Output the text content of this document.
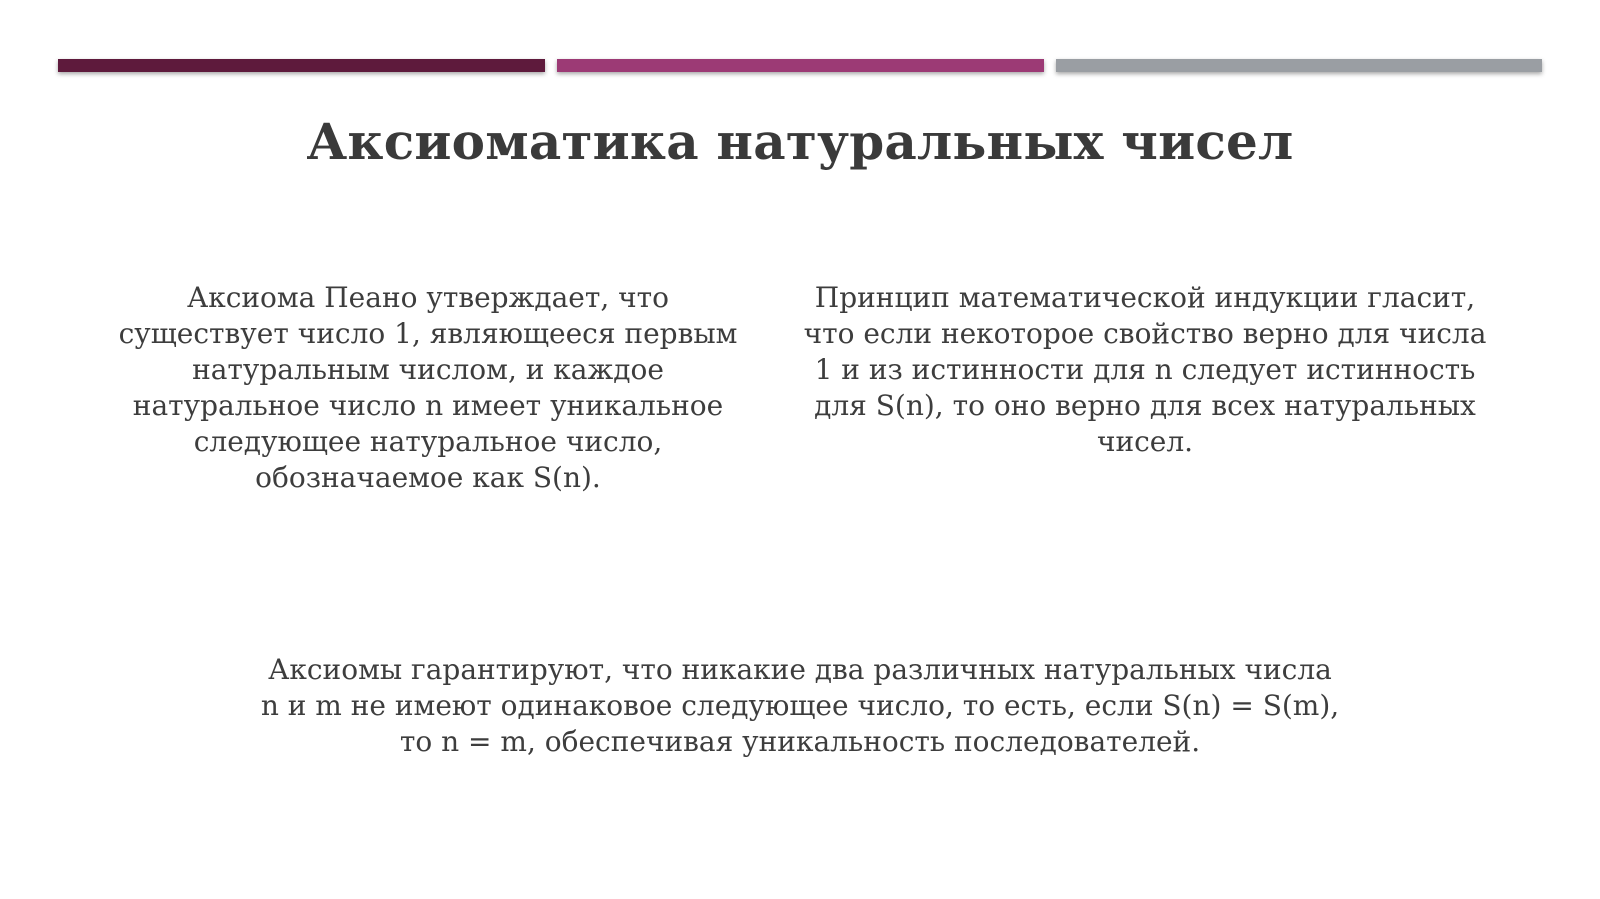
Аксиоматика натуральных чисел
Аксиома Пеано утверждает, что существует число 1, являющееся первым натуральным числом, и каждое натуральное число n имеет уникальное следующее натуральное число, обозначаемое как S(n).
Принцип математической индукции гласит, что если некоторое свойство верно для числа 1 и из истинности для n следует истинность для S(n), то оно верно для всех натуральных чисел.
Аксиомы гарантируют, что никакие два различных натуральных числа n и m не имеют одинаковое следующее число, то есть, если S(n) = S(m), то n = m, обеспечивая уникальность последователей.
